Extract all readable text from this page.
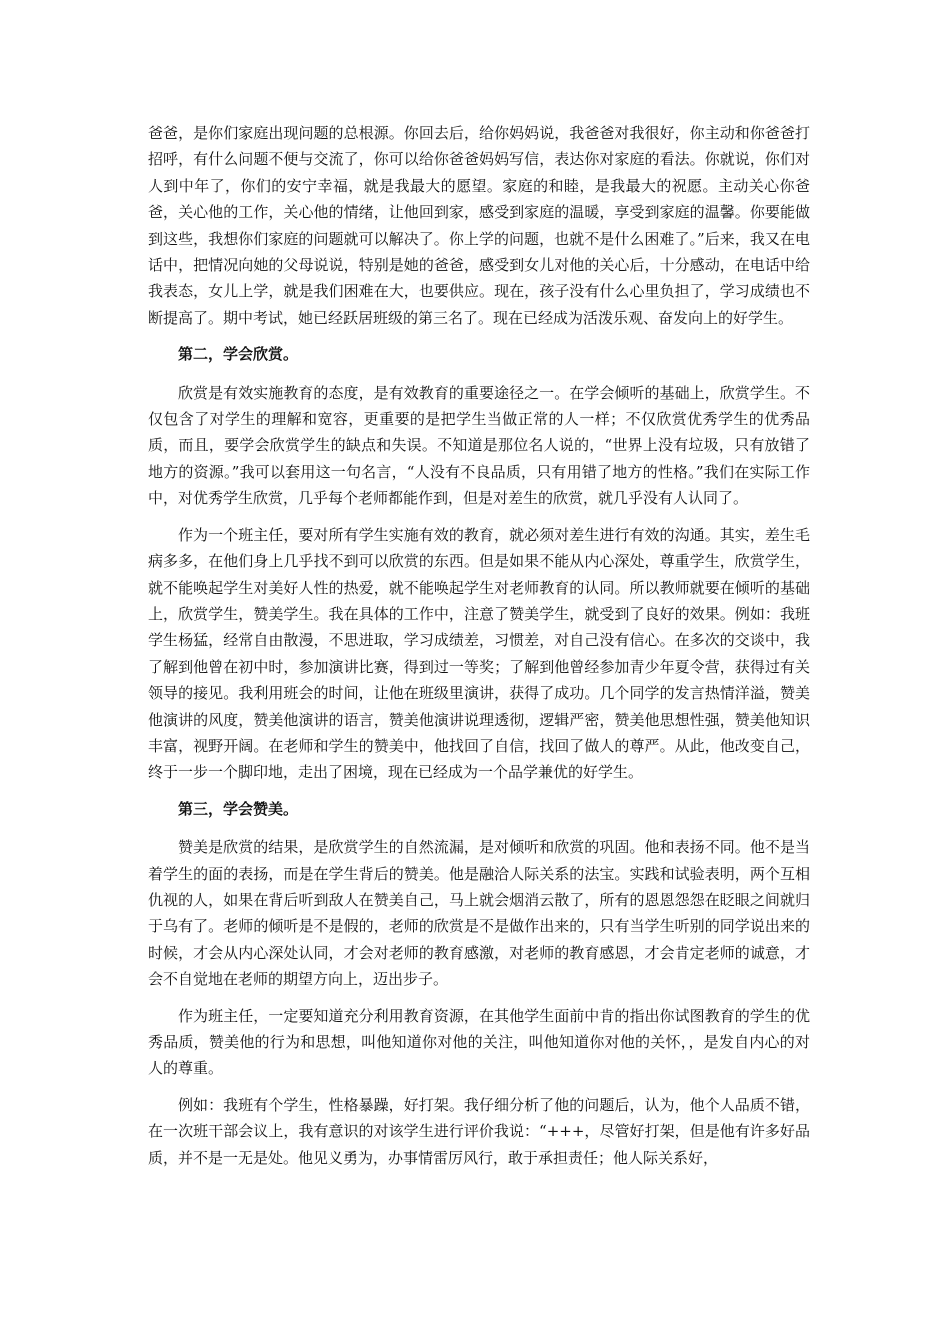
爸爸，是你们家庭出现问题的总根源。你回去后，给你妈妈说，我爸爸对我很好，你主动和你爸爸打招呼，有什么问题不便与交流了，你可以给你爸爸妈妈写信，表达你对家庭的看法。你就说，你们对人到中年了，你们的安宁幸福，就是我最大的愿望。家庭的和睦，是我最大的祝愿。主动关心你爸爸，关心他的工作，关心他的情绪，让他回到家，感受到家庭的温暖，享受到家庭的温馨。你要能做到这些，我想你们家庭的问题就可以解决了。你上学的问题，也就不是什么困难了。”后来，我又在电话中，把情况向她的父母说说，特别是她的爸爸，感受到女儿对他的关心后，十分感动，在电话中给我表态，女儿上学，就是我们困难在大，也要供应。现在，孩子没有什么心里负担了，学习成绩也不断提高了。期中考试，她已经跃居班级的第三名了。现在已经成为活泼乐观、奋发向上的好学生。

第二，学会欣赏。

欣赏是有效实施教育的态度，是有效教育的重要途径之一。在学会倾听的基础上，欣赏学生。不仅包含了对学生的理解和宽容，更重要的是把学生当做正常的人一样；不仅欣赏优秀学生的优秀品质，而且，要学会欣赏学生的缺点和失误。不知道是那位名人说的，“世界上没有垃圾，只有放错了地方的资源。”我可以套用这一句名言，“人没有不良品质，只有用错了地方的性格。”我们在实际工作中，对优秀学生欣赏，几乎每个老师都能作到，但是对差生的欣赏，就几乎没有人认同了。

作为一个班主任，要对所有学生实施有效的教育，就必须对差生进行有效的沟通。其实，差生毛病多多，在他们身上几乎找不到可以欣赏的东西。但是如果不能从内心深处，尊重学生，欣赏学生，就不能唤起学生对美好人性的热爱，就不能唤起学生对老师教育的认同。所以教师就要在倾听的基础上，欣赏学生，赞美学生。我在具体的工作中，注意了赞美学生，就受到了良好的效果。例如：我班学生杨猛，经常自由散漫，不思进取，学习成绩差，习惯差，对自己没有信心。在多次的交谈中，我了解到他曾在初中时，参加演讲比赛，得到过一等奖；了解到他曾经参加青少年夏令营，获得过有关领导的接见。我利用班会的时间，让他在班级里演讲，获得了成功。几个同学的发言热情洋溢，赞美他演讲的风度，赞美他演讲的语言，赞美他演讲说理透彻，逻辑严密，赞美他思想性强，赞美他知识丰富，视野开阔。在老师和学生的赞美中，他找回了自信，找回了做人的尊严。从此，他改变自己，终于一步一个脚印地，走出了困境，现在已经成为一个品学兼优的好学生。

第三，学会赞美。

赞美是欣赏的结果，是欣赏学生的自然流漏，是对倾听和欣赏的巩固。他和表扬不同。他不是当着学生的面的表扬，而是在学生背后的赞美。他是融洽人际关系的法宝。实践和试验表明，两个互相仇视的人，如果在背后听到敌人在赞美自己，马上就会烟消云散了，所有的恩恩怨怨在眨眼之间就归于乌有了。老师的倾听是不是假的，老师的欣赏是不是做作出来的，只有当学生听别的同学说出来的时候，才会从内心深处认同，才会对老师的教育感激，对老师的教育感恩，才会肯定老师的诚意，才会不自觉地在老师的期望方向上，迈出步子。

作为班主任，一定要知道充分利用教育资源，在其他学生面前中肯的指出你试图教育的学生的优秀品质，赞美他的行为和思想，叫他知道你对他的关注，叫他知道你对他的关怀，，是发自内心的对人的尊重。

例如：我班有个学生，性格暴躁，好打架。我仔细分析了他的问题后，认为，他个人品质不错，在一次班干部会议上，我有意识的对该学生进行评价我说：“+++，尽管好打架，但是他有许多好品质，并不是一无是处。他见义勇为，办事情雷厉风行，敢于承担责任；他人际关系好，
